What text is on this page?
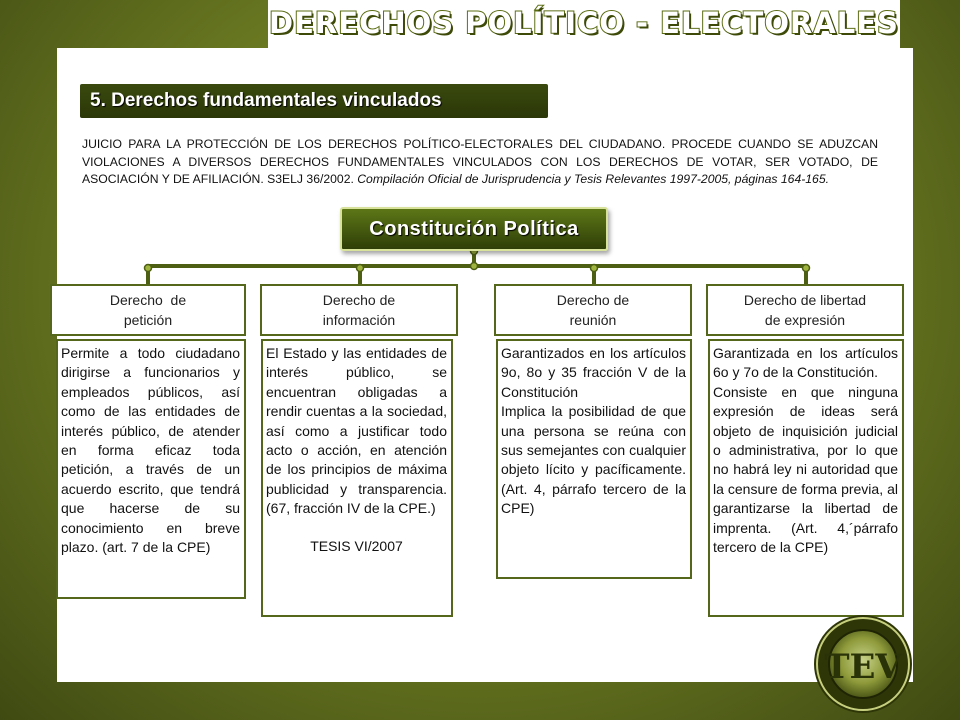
DERECHOS POLÍTICO - ELECTORALES
5. Derechos fundamentales vinculados
JUICIO PARA LA PROTECCIÓN DE LOS DERECHOS POLÍTICO-ELECTORALES DEL CIUDADANO. PROCEDE CUANDO SE ADUZCAN VIOLACIONES A DIVERSOS DERECHOS FUNDAMENTALES VINCULADOS CON LOS DERECHOS DE VOTAR, SER VOTADO, DE ASOCIACIÓN Y DE AFILIACIÓN. S3ELJ 36/2002. Compilación Oficial de Jurisprudencia y Tesis Relevantes 1997-2005, páginas 164-165.
Constitución Política
Derecho  de
petición

Permite a todo ciudadano dirigirse a funcionarios y empleados públicos, así como de las entidades de interés público, de atender en forma eficaz toda petición, a través de un acuerdo escrito, que tendrá que hacerse de su conocimiento en breve plazo. (art. 7 de la CPE)

Derecho de
información

El Estado y las entidades de interés público, se encuentran obligadas a rendir cuentas a la sociedad, así como a justificar todo acto o acción, en atención de los principios de máxima publicidad y transparencia. (67, fracción IV de la CPE.)

TESIS VI/2007

Derecho de
reunión

Garantizados en los artículos 9o, 8o y 35 fracción V de la Constitución

Implica la posibilidad de que una persona se reúna con sus semejantes con cualquier objeto lícito y pacíficamente. (Art. 4, párrafo tercero de la CPE)

Derecho de libertad
de expresión

Garantizada en los artículos 6o y 7o de la Constitución.

Consiste en que ninguna expresión de ideas será objeto de inquisición judicial o administrativa, por lo que no habrá ley ni autoridad que la censure de forma previa, al garantizarse la libertad de imprenta. (Art. 4,´párrafo tercero de la CPE)

TEV
